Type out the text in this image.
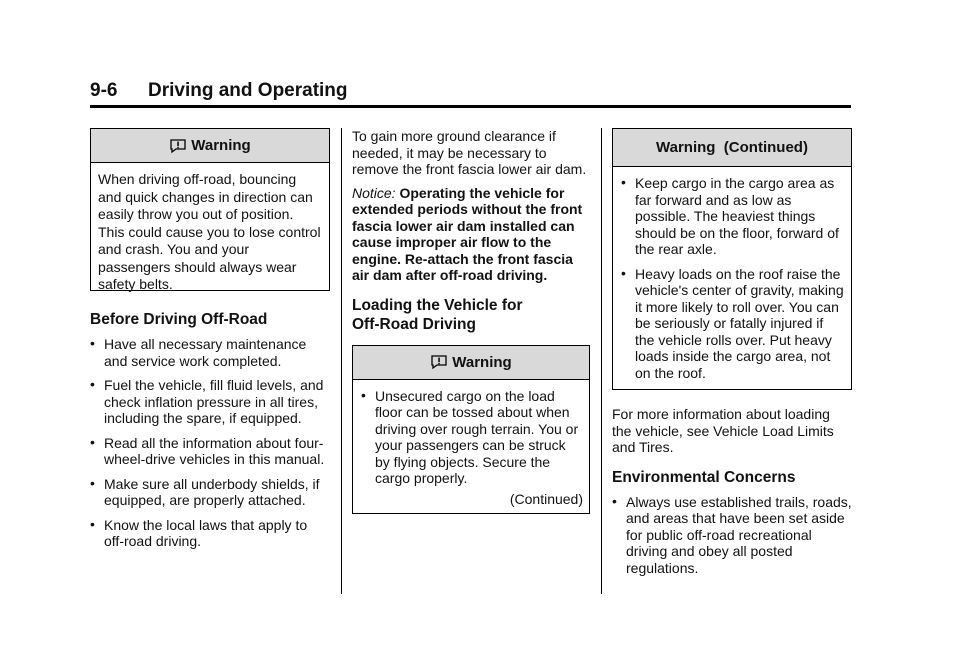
9-6 Driving and Operating
Warning
When driving off-road, bouncing and quick changes in direction can easily throw you out of position. This could cause you to lose control and crash. You and your passengers should always wear safety belts.
Before Driving Off-Road
• Have all necessary maintenance and service work completed.
• Fuel the vehicle, fill fluid levels, and check inflation pressure in all tires, including the spare, if equipped.
• Read all the information about four-wheel-drive vehicles in this manual.
• Make sure all underbody shields, if equipped, are properly attached.
• Know the local laws that apply to off-road driving.

To gain more ground clearance if needed, it may be necessary to remove the front fascia lower air dam.

Notice: Operating the vehicle for extended periods without the front fascia lower air dam installed can cause improper air flow to the engine. Re-attach the front fascia air dam after off-road driving.

Loading the Vehicle for
Off-Road Driving
Warning
• Unsecured cargo on the load floor can be tossed about when driving over rough terrain. You or your passengers can be struck by flying objects. Secure the cargo properly.
(Continued)
Warning  (Continued)
• Keep cargo in the cargo area as far forward and as low as possible. The heaviest things should be on the floor, forward of the rear axle.
• Heavy loads on the roof raise the vehicle's center of gravity, making it more likely to roll over. You can be seriously or fatally injured if the vehicle rolls over. Put heavy loads inside the cargo area, not on the roof.

For more information about loading the vehicle, see Vehicle Load Limits and Tires.

Environmental Concerns
• Always use established trails, roads, and areas that have been set aside for public off-road recreational driving and obey all posted regulations.
